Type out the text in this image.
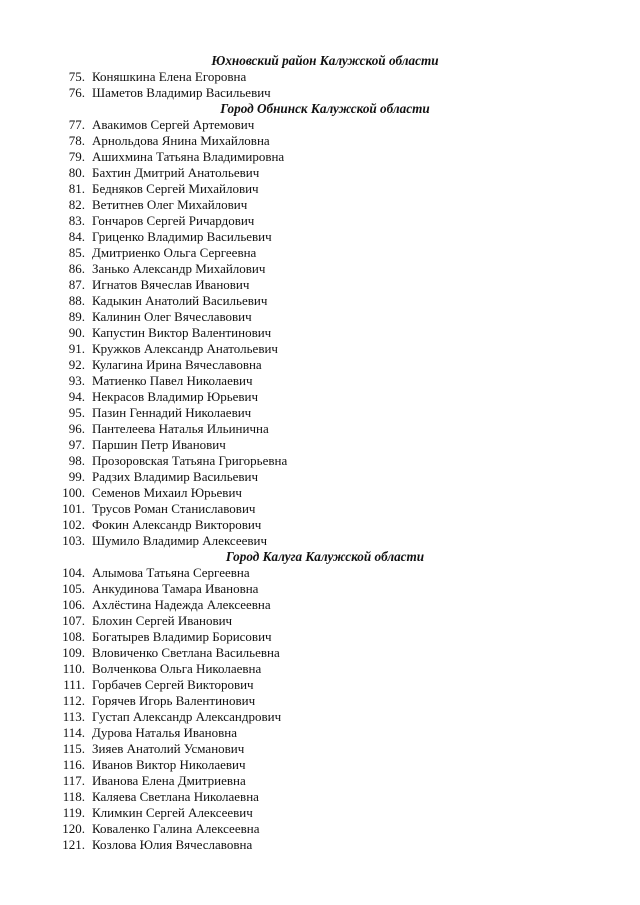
Юхновский район Калужской области
75. Коняшкина Елена Егоровна
76. Шаметов Владимир Васильевич
Город Обнинск Калужской области
77. Авакимов Сергей Артемович
78. Арнольдова Янина Михайловна
79. Ашихмина Татьяна Владимировна
80. Бахтин Дмитрий Анатольевич
81. Бедняков Сергей Михайлович
82. Ветитнев Олег Михайлович
83. Гончаров Сергей Ричардович
84. Гриценко Владимир Васильевич
85. Дмитриенко Ольга Сергеевна
86. Занько Александр Михайлович
87. Игнатов Вячеслав Иванович
88. Кадыкин Анатолий Васильевич
89. Калинин Олег Вячеславович
90. Капустин Виктор Валентинович
91. Кружков Александр Анатольевич
92. Кулагина Ирина Вячеславовна
93. Матиенко Павел Николаевич
94. Некрасов Владимир Юрьевич
95. Пазин Геннадий Николаевич
96. Пантелеева Наталья Ильинична
97. Паршин Петр Иванович
98. Прозоровская Татьяна Григорьевна
99. Радзих Владимир Васильевич
100. Семенов Михаил Юрьевич
101. Трусов Роман Станиславович
102. Фокин Александр Викторович
103. Шумило Владимир Алексеевич
Город Калуга Калужской области
104. Алымова Татьяна Сергеевна
105. Анкудинова Тамара Ивановна
106. Ахлёстина Надежда Алексеевна
107. Блохин Сергей Иванович
108. Богатырев Владимир Борисович
109. Вловиченко Светлана Васильевна
110. Волченкова Ольга Николаевна
111. Горбачев Сергей Викторович
112. Горячев Игорь Валентинович
113. Густап Александр Александрович
114. Дурова Наталья Ивановна
115. Зияев Анатолий Усманович
116. Иванов Виктор Николаевич
117. Иванова Елена Дмитриевна
118. Каляева Светлана Николаевна
119. Климкин Сергей Алексеевич
120. Коваленко Галина Алексеевна
121. Козлова Юлия Вячеславовна
